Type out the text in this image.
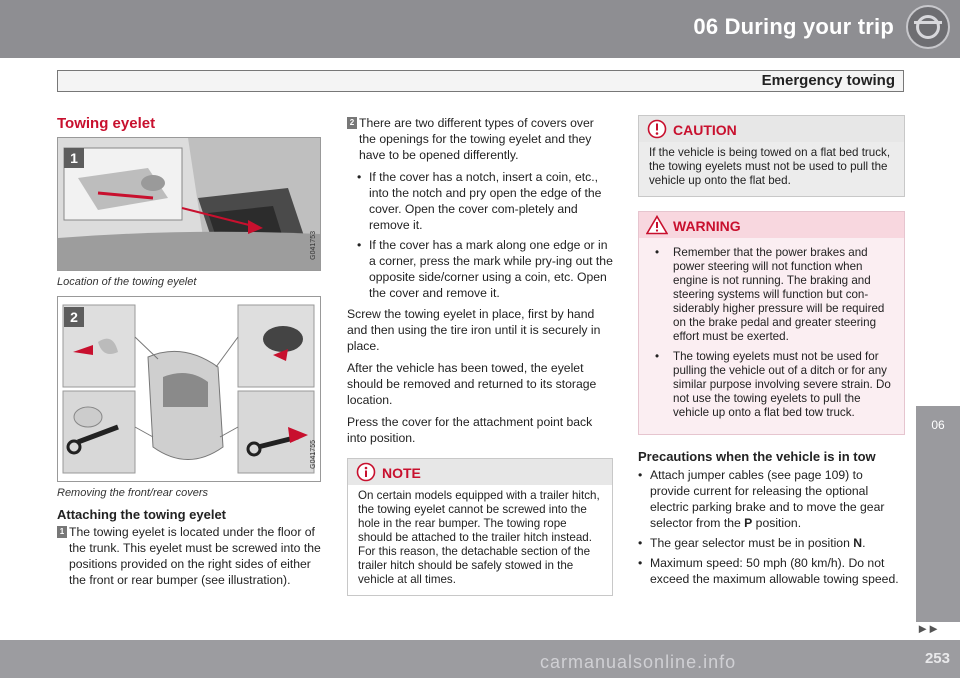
06 During your trip
Emergency towing
Towing eyelet
1
G041753
Location of the towing eyelet
2
G041755
Removing the front/rear covers
Attaching the towing eyelet
1 The towing eyelet is located under the floor of the trunk. This eyelet must be screwed into the positions provided on the right sides of either the front or rear bumper (see illustration).
2 There are two different types of covers over the openings for the towing eyelet and they have to be opened differently.
• If the cover has a notch, insert a coin, etc., into the notch and pry open the edge of the cover. Open the cover com-pletely and remove it.
• If the cover has a mark along one edge or in a corner, press the mark while pry-ing out the opposite side/corner using a coin, etc. Open the cover and remove it.

Screw the towing eyelet in place, first by hand and then using the tire iron until it is securely in place.

After the vehicle has been towed, the eyelet should be removed and returned to its storage location.

Press the cover for the attachment point back into position.

NOTE
On certain models equipped with a trailer hitch, the towing eyelet cannot be screwed into the hole in the rear bumper. The towing rope should be attached to the trailer hitch instead. For this reason, the detachable section of the trailer hitch should be safely stowed in the vehicle at all times.
CAUTION
If the vehicle is being towed on a flat bed truck, the towing eyelets must not be used to pull the vehicle up onto the flat bed.
WARNING
• Remember that the power brakes and power steering will not function when engine is not running. The braking and steering systems will function but con-siderably higher pressure will be required on the brake pedal and greater steering effort must be exerted.
• The towing eyelets must not be used for pulling the vehicle out of a ditch or for any similar purpose involving severe strain. Do not use the towing eyelets to pull the vehicle up onto a flat bed tow truck.
Precautions when the vehicle is in tow
• Attach jumper cables (see page 109) to provide current for releasing the optional electric parking brake and to move the gear selector from the P position.
• The gear selector must be in position N.
• Maximum speed: 50 mph (80 km/h). Do not exceed the maximum allowable towing speed.
06
►►
253
carmanualsonline.info
